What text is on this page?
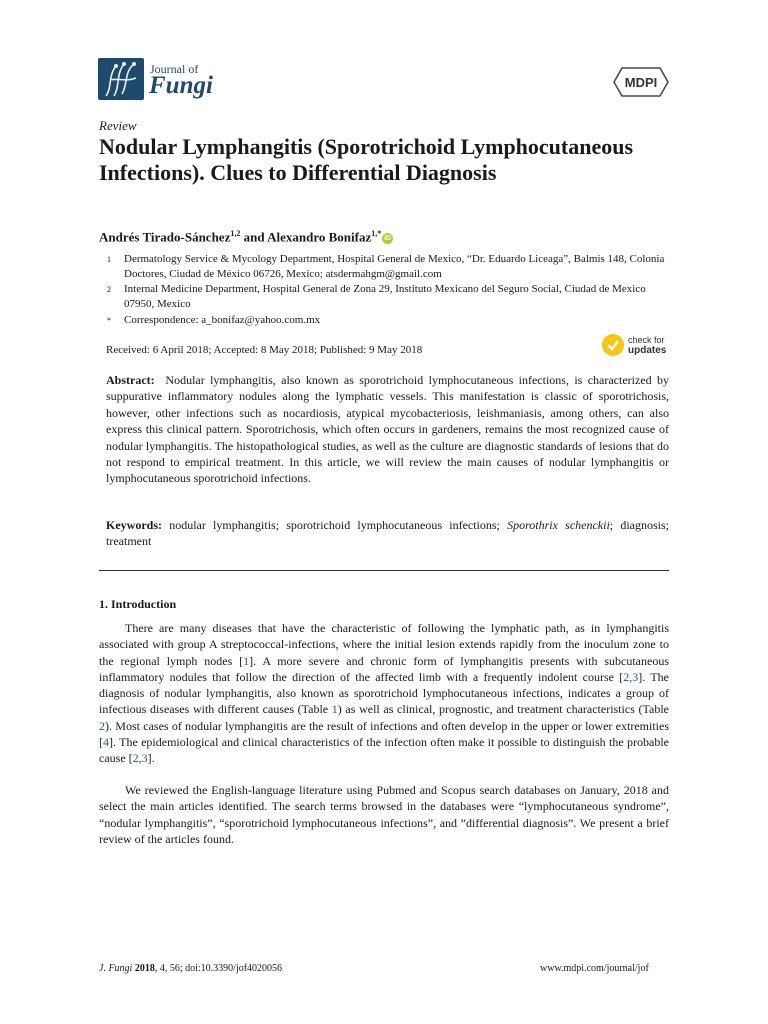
Journal of
Fungi	MDPI
Review
Nodular Lymphangitis (Sporotrichoid Lymphocutaneous Infections). Clues to Differential Diagnosis
Andrés Tirado-Sánchez$^{1,2}$ and Alexandro Bonifaz$^{1,*}$iD
1 Dermatology Service & Mycology Department, Hospital General de Mexico, “Dr. Eduardo Liceaga”, Balmis 148, Colonia Doctores, Ciudad de México 06726, Mexico; atsdermahgm@gmail.com
2 Internal Medicine Department, Hospital General de Zona 29, Instituto Mexicano del Seguro Social, Ciudad de Mexico 07950, Mexico
* Correspondence: a_bonifaz@yahoo.com.mx
Received: 6 April 2018; Accepted: 8 May 2018; Published: 9 May 2018
check for
updates
Abstract: Nodular lymphangitis, also known as sporotrichoid lymphocutaneous infections, is characterized by suppurative inflammatory nodules along the lymphatic vessels. This manifestation is classic of sporotrichosis, however, other infections such as nocardiosis, atypical mycobacteriosis, leishmaniasis, among others, can also express this clinical pattern. Sporotrichosis, which often occurs in gardeners, remains the most recognized cause of nodular lymphangitis. The histopathological studies, as well as the culture are diagnostic standards of lesions that do not respond to empirical treatment. In this article, we will review the main causes of nodular lymphangitis or lymphocutaneous sporotrichoid infections.
Keywords: nodular lymphangitis; sporotrichoid lymphocutaneous infections; Sporothrix schenckii; diagnosis; treatment
1. Introduction
There are many diseases that have the characteristic of following the lymphatic path, as in lymphangitis associated with group A streptococcal-infections, where the initial lesion extends rapidly from the inoculum zone to the regional lymph nodes [1]. A more severe and chronic form of lymphangitis presents with subcutaneous inflammatory nodules that follow the direction of the affected limb with a frequently indolent course [2,3]. The diagnosis of nodular lymphangitis, also known as sporotrichoid lymphocutaneous infections, indicates a group of infectious diseases with different causes (Table 1) as well as clinical, prognostic, and treatment characteristics (Table 2). Most cases of nodular lymphangitis are the result of infections and often develop in the upper or lower extremities [4]. The epidemiological and clinical characteristics of the infection often make it possible to distinguish the probable cause [2,3].
We reviewed the English-language literature using Pubmed and Scopus search databases on January, 2018 and select the main articles identified. The search terms browsed in the databases were “lymphocutaneous syndrome”, “nodular lymphangitis”, “sporotrichoid lymphocutaneous infections”, and ”differential diagnosis”. We present a brief review of the articles found.
J. Fungi 2018, 4, 56; doi:10.3390/jof4020056	www.mdpi.com/journal/jof
